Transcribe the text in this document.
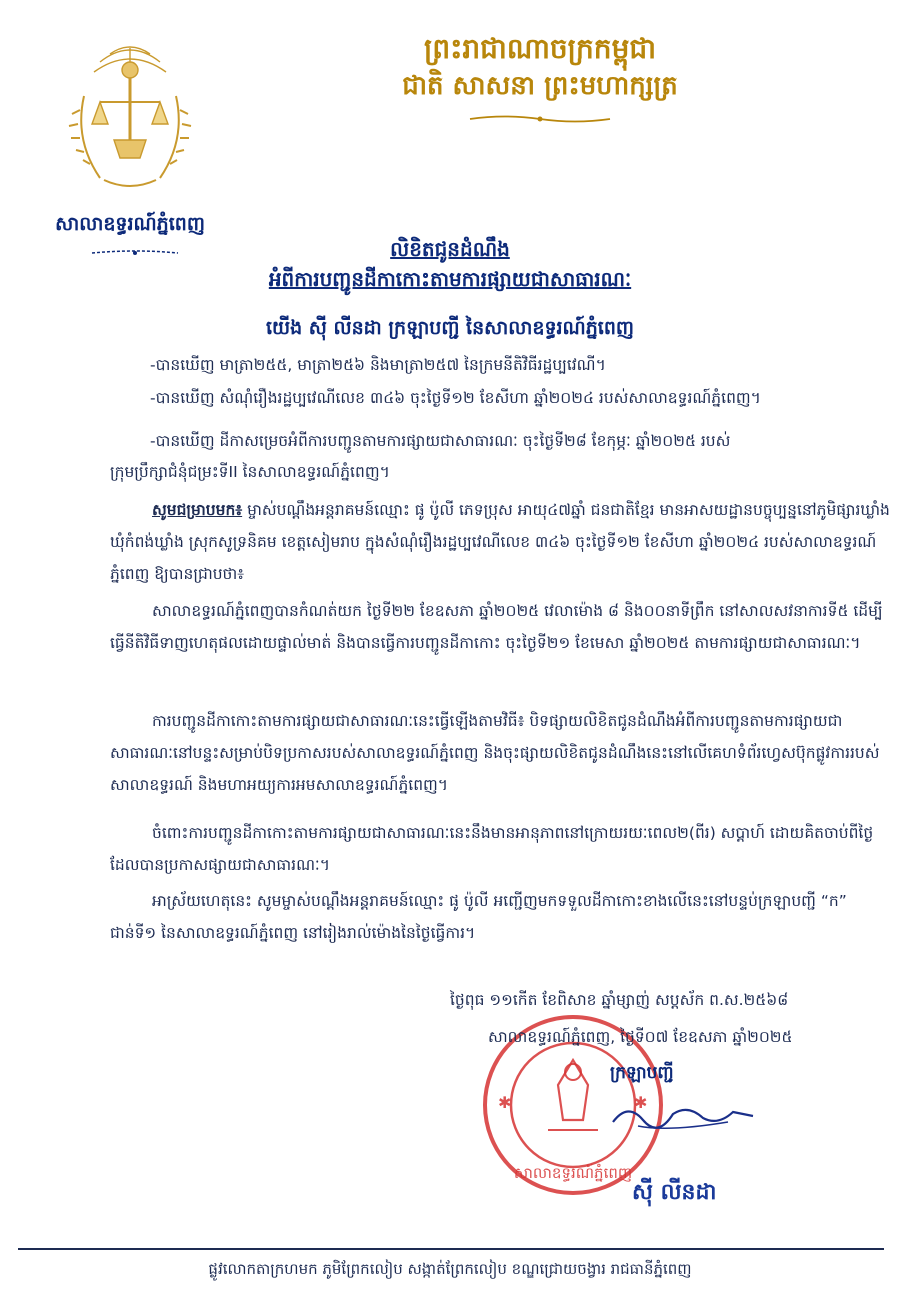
ព្រះរាជាណាចក្រកម្ពុជា
ជាតិ សាសនា ព្រះមហាក្សត្រ
សាលាឧទ្ធរណ៍ភ្នំពេញ
លិខិតជូនដំណឹង
អំពីការបញ្ជូនដីកាកោះតាមការផ្សាយជាសាធារណៈ
យើង ស៊ី លីនដា ក្រឡាបញ្ជី នៃសាលាឧទ្ធរណ៍ភ្នំពេញ
-បានឃើញ មាត្រា២៥៥, មាត្រា២៥៦ និងមាត្រា២៥៧ នៃក្រមនីតិវិធីរដ្ឋប្បវេណី។
-បានឃើញ សំណុំរឿងរដ្ឋប្បវេណីលេខ ៣៤៦ ចុះថ្ងៃទី១២ ខែសីហា ឆ្នាំ២០២៤ របស់សាលាឧទ្ធរណ៍ភ្នំពេញ។
-បានឃើញ ដីកាសម្រេចអំពីការបញ្ជូនតាមការផ្សាយជាសាធារណៈ ចុះថ្ងៃទី២៨ ខែកុម្ភៈ ឆ្នាំ២០២៥ របស់
ក្រុមប្រឹក្សាជំនុំជម្រះទីII នៃសាលាឧទ្ធរណ៍ភ្នំពេញ។
សូមជម្រាបមក៖ ម្ចាស់បណ្តឹងអន្តរាគមន៍ឈ្មោះ ផូ ប៉ូលី ភេទប្រុស អាយុ៤៧ឆ្នាំ ជនជាតិខ្មែរ មានអាសយដ្ឋានបច្ចុប្បន្ននៅភូមិផ្សារឃ្លាំង ឃុំកំពង់ឃ្លាំង ស្រុកសូទ្រនិគម ខេត្តសៀមរាប ក្នុងសំណុំរឿងរដ្ឋប្បវេណីលេខ ៣៤៦ ចុះថ្ងៃទី១២ ខែសីហា ឆ្នាំ២០២៤ របស់សាលាឧទ្ធរណ៍ភ្នំពេញ ឱ្យបានជ្រាបថា៖
សាលាឧទ្ធរណ៍ភ្នំពេញបានកំណត់យក ថ្ងៃទី២២ ខែឧសភា ឆ្នាំ២០២៥ វេលាម៉ោង ៨ និង០០នាទីព្រឹក នៅសាលសវនាការទី៥ ដើម្បីធ្វើនីតិវិធីទាញហេតុផលដោយផ្ទាល់មាត់ និងបានធ្វើការបញ្ជូនដីកាកោះ ចុះថ្ងៃទី២១ ខែមេសា ឆ្នាំ២០២៥ តាមការផ្សាយជាសាធារណៈ។
ការបញ្ជូនដីកាកោះតាមការផ្សាយជាសាធារណៈនេះធ្វើឡើងតាមវិធី៖ បិទផ្សាយលិខិតជូនដំណឹងអំពីការបញ្ជូនតាមការផ្សាយជាសាធារណៈនៅបន្ទះសម្រាប់បិទប្រកាសរបស់សាលាឧទ្ធរណ៍ភ្នំពេញ និងចុះផ្សាយលិខិតជូនដំណឹងនេះនៅលើគេហទំព័រហ្វេសប៊ុកផ្លូវការរបស់សាលាឧទ្ធរណ៍ និងមហាអយ្យការអមសាលាឧទ្ធរណ៍ភ្នំពេញ។
ចំពោះការបញ្ជូនដីកាកោះតាមការផ្សាយជាសាធារណៈនេះនឹងមានអានុភាពនៅក្រោយរយៈពេល២(ពីរ) សប្តាហ៍ ដោយគិតចាប់ពីថ្ងៃដែលបានប្រកាសផ្សាយជាសាធារណៈ។
អាស្រ័យហេតុនេះ សូមម្ចាស់បណ្តឹងអន្តរាគមន៍ឈ្មោះ ផូ ប៉ូលី អញ្ជើញមកទទួលដីកាកោះខាងលើនេះនៅបន្ទប់ក្រឡាបញ្ជី “ក” ជាន់ទី១ នៃសាលាឧទ្ធរណ៍ភ្នំពេញ នៅរៀងរាល់ម៉ោងនៃថ្ងៃធ្វើការ។
ថ្ងៃពុធ ១១កើត ខែពិសាខ ឆ្នាំម្សាញ់ សប្តស័ក ព.ស.២៥៦៨
✱	✱
សាលាឧទ្ធរណ៍ភ្នំពេញ
សាលាឧទ្ធរណ៍ភ្នំពេញ, ថ្ងៃទី០៧ ខែឧសភា ឆ្នាំ២០២៥
ក្រឡាបញ្ជី
ស៊ី លីនដា
ផ្លូវលោកតាក្រហមក ភូមិព្រែកលៀប សង្កាត់ព្រែកលៀប ខណ្ឌជ្រោយចង្វារ រាជធានីភ្នំពេញ
